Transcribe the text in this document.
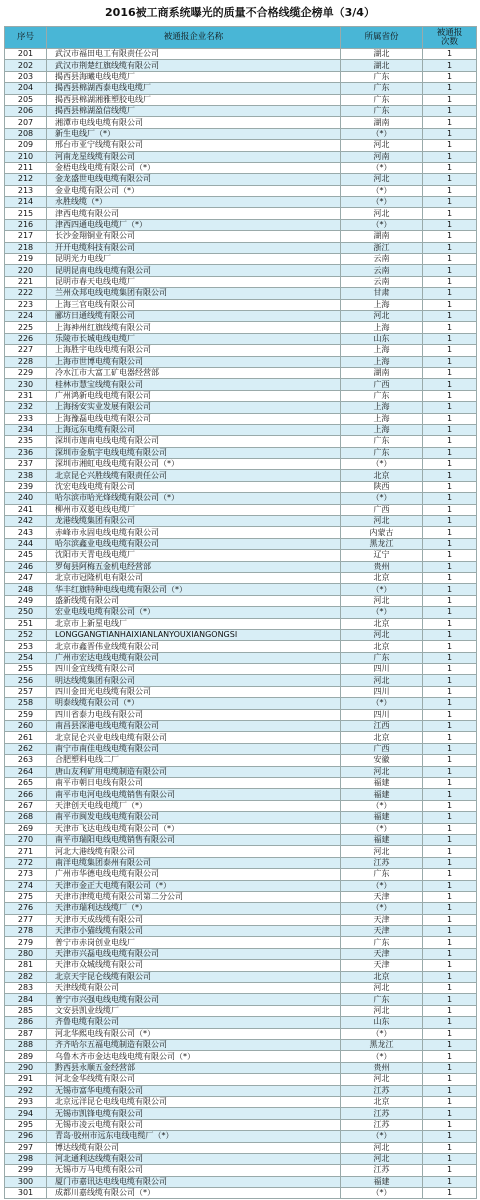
2016被工商系统曝光的质量不合格线缆企榜单（3/4）
序号	被通报企业名称	所属省份	被通报
次数
201	武汉市福田电工有限责任公司	湖北	1
202	武汉市荆楚红旗线缆有限公司	湖北	1
203	揭西县海曦电线电缆厂	广东	1
204	揭西县棉湖西泰电线电缆厂	广东	1
205	揭西县棉湖湘雅塑胶电线厂	广东	1
206	揭西县棉湖盈信线缆厂	广东	1
207	湘潭市电线电缆有限公司	湖南	1
208	新生电线厂（*）	（*）	1
209	邢台市亚宁线缆有限公司	河北	1
210	河南龙星线缆有限公司	河南	1
211	金梧电线电缆有限公司（*）	（*）	1
212	金龙盛世电线电缆有限公司	河北	1
213	金业电缆有限公司（*）	（*）	1
214	永胜线缆（*）	（*）	1
215	津西电缆有限公司	河北	1
216	津西四通电线电缆厂（*）	（*）	1
217	长沙金翔铜业有限公司	湖南	1
218	开开电缆科技有限公司	浙江	1
219	昆明光力电线厂	云南	1
220	昆明昆南电线电缆有限公司	云南	1
221	昆明市春天电线电缆厂	云南	1
222	兰州众邦电线电缆集团有限公司	甘肃	1
223	上海三官电线有限公司	上海	1
224	郦坊日通线缆有限公司	河北	1
225	上海神州红旗线缆有限公司	上海	1
226	乐陵市长城电线电缆厂	山东	1
227	上海胜宇电线电缆有限公司	上海	1
228	上海市世博电缆有限公司	上海	1
229	冷水江市大富工矿电器经营部	湖南	1
230	桂林市慧宝线缆有限公司	广西	1
231	广州鸿新电线电缆有限公司	广东	1
232	上海扬安实业发展有限公司	上海	1
233	上海豫磊电线电缆有限公司	上海	1
234	上海远东电缆有限公司	上海	1
235	深圳市迦南电线电缆有限公司	广东	1
236	深圳市金航宇电线电缆有限公司	广东	1
237	深圳市湘虹电线电缆有限公司（*）	（*）	1
238	北京昆仑兴胜线缆有限责任公司	北京	1
239	沈宏电线电缆有限公司	陕西	1
240	哈尔滨市哈光烽线缆有限公司（*）	（*）	1
241	柳州市双菱电线电缆厂	广西	1
242	龙港线缆集团有限公司	河北	1
243	赤峰市永固电线电缆有限公司	内蒙古	1
244	哈尔滨鑫业电线电缆有限公司	黑龙江	1
245	沈阳市天青电线电缆厂	辽宁	1
246	罗甸县阿梅五金机电经营部	贵州	1
247	北京市冠隆机电有限公司	北京	1
248	华丰红旗特种电线电缆有限公司（*）	（*）	1
249	盛新线缆有限公司	河北	1
250	宏业电线电缆有限公司（*）	（*）	1
251	北京市上新星电线厂	北京	1
252	LONGGANGTIANHAIXIANLANYOUXIANGONGSI	河北	1
253	北京市鑫晋伟业线缆有限公司	北京	1
254	广州市宏达电线电缆有限公司	广东	1
255	四川金宜线缆有限公司	四川	1
256	明达线缆集团有限公司	河北	1
257	四川金田光电线缆有限公司	四川	1
258	明泰线缆有限公司（*）	（*）	1
259	四川省泰力电线有限公司	四川	1
260	南昌县深港电线电缆有限公司	江西	1
261	北京昆仑兴业电线电缆有限公司	北京	1
262	南宁市南佳电线电缆有限公司	广西	1
263	合肥塑料电线二厂	安徽	1
264	唐山友利矿用电缆制造有限公司	河北	1
265	南平市朝日电线有限公司	福建	1
266	南平市电河电线电缆销售有限公司	福建	1
267	天津创天电线电缆厂（*）	（*）	1
268	南平市闽发电线电缆有限公司	福建	1
269	天津市飞达电线电缆有限公司（*）	（*）	1
270	南平市瑞阳电线电缆销售有限公司	福建	1
271	河北大港线缆有限公司	河北	1
272	南洋电缆集团泰州有限公司	江苏	1
273	广州市华德电线电缆有限公司	广东	1
274	天津市金正大电缆有限公司（*）	（*）	1
275	天津市津缆电缆有限公司第二分公司	天津	1
276	天津市瑞利达线缆厂（*）	（*）	1
277	天津市天成线缆有限公司	天津	1
278	天津市小猫线缆有限公司	天津	1
279	普宁市赤岗创业电线厂	广东	1
280	天津市兴磊电线电缆有限公司	天津	1
281	天津市众城线缆有限公司	天津	1
282	北京天宇昆仑线缆有限公司	北京	1
283	天津线缆有限公司	河北	1
284	普宁市兴强电线电缆有限公司	广东	1
285	文安县凯业线缆厂	河北	1
286	齐鲁电缆有限公司	山东	1
287	河北华熙电线有限公司（*）	（*）	1
288	齐齐哈尔五福电缆制造有限公司	黑龙江	1
289	乌鲁木齐市金达电线电缆有限公司（*）	（*）	1
290	黔西县永顺五金经营部	贵州	1
291	河北金华线缆有限公司	河北	1
292	无锡市富华电缆有限公司	江苏	1
293	北京远洋昆仑电线电缆有限公司	北京	1
294	无锡市凯锋电缆有限公司	江苏	1
295	无锡市凌云电缆有限公司	江苏	1
296	青岛·胶州市远东电线电缆厂（*）	（*）	1
297	博达线缆有限公司	河北	1
298	河北通利达线缆有限公司	河北	1
299	无锡市万马电缆有限公司	江苏	1
300	厦门市嘉讯达电线电缆有限公司	福建	1
301	成都川嘉线缆有限公司（*）	（*）	1
